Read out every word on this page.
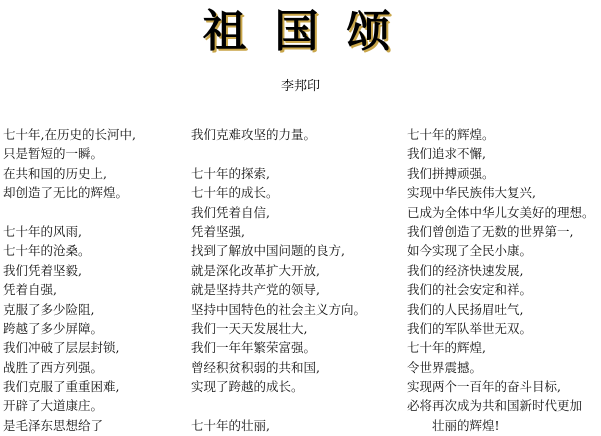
祖国颂
李邦印
七十年,在历史的长河中,
只是暂短的一瞬。
在共和国的历史上,
却创造了无比的辉煌。
七十年的风雨,
七十年的沧桑。
我们凭着坚毅,
凭着自强,
克服了多少险阻,
跨越了多少屏障。
我们冲破了层层封锁,
战胜了西方列强。
我们克服了重重困难,
开辟了大道康庄。
是毛泽东思想给了
我们克难攻坚的力量。
七十年的探索,
七十年的成长。
我们凭着自信,
凭着坚强,
找到了解放中国问题的良方,
就是深化改革扩大开放,
就是坚持共产党的领导,
坚持中国特色的社会主义方向。
我们一天天发展壮大,
我们一年年繁荣富强。
曾经积贫积弱的共和国,
实现了跨越的成长。
七十年的壮丽,
七十年的辉煌。
我们追求不懈,
我们拼搏顽强。
实现中华民族伟大复兴,
已成为全体中华儿女美好的理想。
我们曾创造了无数的世界第一,
如今实现了全民小康。
我们的经济快速发展,
我们的社会安定和祥。
我们的人民扬眉吐气,
我们的军队举世无双。
七十年的辉煌,
令世界震撼。
实现两个一百年的奋斗目标,
必将再次成为共和国新时代更加
壮丽的辉煌!
